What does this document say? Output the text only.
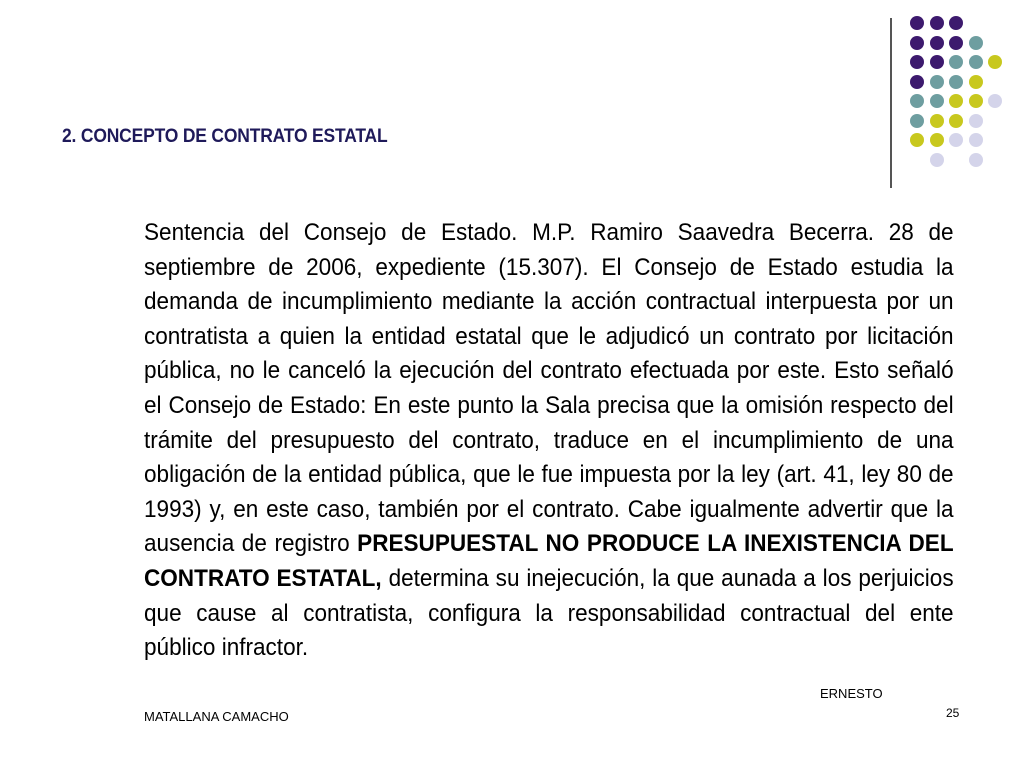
2. CONCEPTO DE CONTRATO ESTATAL
Sentencia del Consejo de Estado. M.P. Ramiro Saavedra Becerra. 28 de septiembre de 2006, expediente (15.307). El Consejo de Estado estudia la demanda de incumplimiento mediante la acción contractual interpuesta por un contratista a quien la entidad estatal que le adjudicó un contrato por licitación pública, no le canceló la ejecución del contrato efectuada por este. Esto señaló el Consejo de Estado: En este punto la Sala precisa que la omisión respecto del trámite del presupuesto del contrato, traduce en el incumplimiento de una obligación de la entidad pública, que le fue impuesta por la ley (art. 41, ley 80 de 1993) y, en este caso, también por el contrato. Cabe igualmente advertir que la ausencia de registro PRESUPUESTAL NO PRODUCE LA INEXISTENCIA DEL CONTRATO ESTATAL, determina su inejecución, la que aunada a los perjuicios que cause al contratista, configura la responsabilidad contractual del ente público infractor.
ERNESTO
MATALLANA CAMACHO	25
